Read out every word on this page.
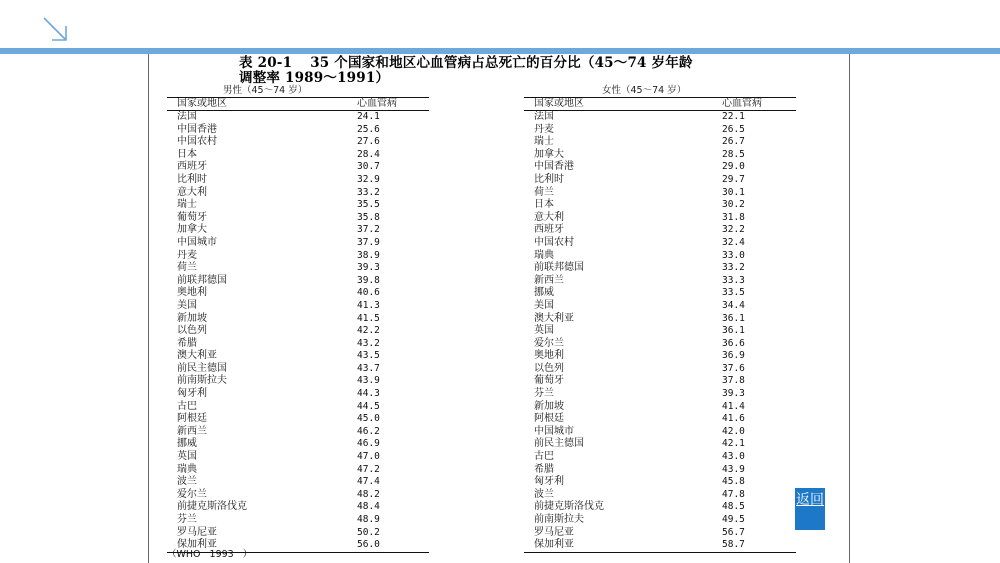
表 20-1 35 个国家和地区心血管病占总死亡的百分比（45～74 岁年龄
调整率 1989～1991）
男性（45～74 岁）
国家或地区	心血管病
法国	24.1
中国香港	25.6
中国农村	27.6
日本	28.4
西班牙	30.7
比利时	32.9
意大利	33.2
瑞士	35.5
葡萄牙	35.8
加拿大	37.2
中国城市	37.9
丹麦	38.9
荷兰	39.3
前联邦德国	39.8
奥地利	40.6
美国	41.3
新加坡	41.5
以色列	42.2
希腊	43.2
澳大利亚	43.5
前民主德国	43.7
前南斯拉夫	43.9
匈牙利	44.3
古巴	44.5
阿根廷	45.0
新西兰	46.2
挪威	46.9
英国	47.0
瑞典	47.2
波兰	47.4
爱尔兰	48.2
前捷克斯洛伐克	48.4
芬兰	48.9
罗马尼亚	50.2
保加利亚	56.0
女性（45～74 岁）
国家或地区	心血管病
法国	22.1
丹麦	26.5
瑞士	26.7
加拿大	28.5
中国香港	29.0
比利时	29.7
荷兰	30.1
日本	30.2
意大利	31.8
西班牙	32.2
中国农村	32.4
瑞典	33.0
前联邦德国	33.2
新西兰	33.3
挪威	33.5
美国	34.4
澳大利亚	36.1
英国	36.1
爱尔兰	36.6
奥地利	36.9
以色列	37.6
葡萄牙	37.8
芬兰	39.3
新加坡	41.4
阿根廷	41.6
中国城市	42.0
前民主德国	42.1
古巴	43.0
希腊	43.9
匈牙利	45.8
波兰	47.8
前捷克斯洛伐克	48.5
前南斯拉夫	49.5
罗马尼亚	56.7
保加利亚	58.7
（WHO 1993 ）
返回
